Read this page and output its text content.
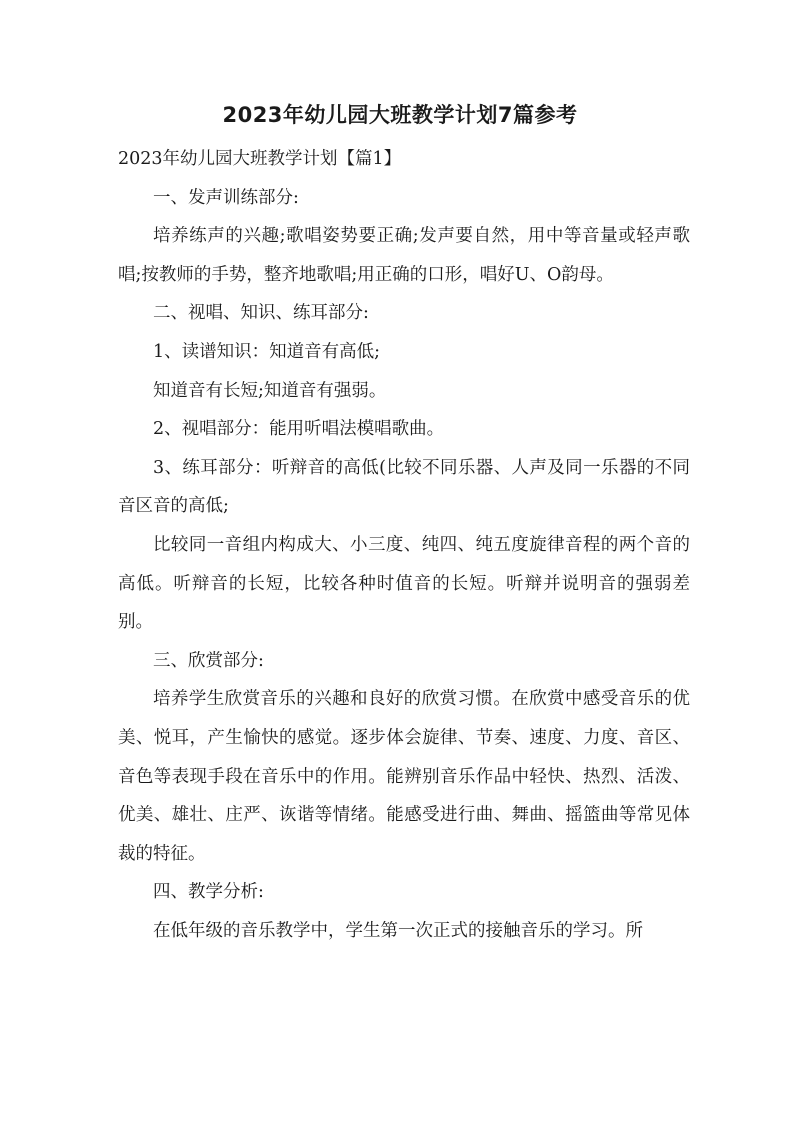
2023年幼儿园大班教学计划7篇参考

2023年幼儿园大班教学计划【篇1】

一、发声训练部分:

培养练声的兴趣;歌唱姿势要正确;发声要自然，用中等音量或轻声歌唱;按教师的手势，整齐地歌唱;用正确的口形，唱好U、O韵母。

二、视唱、知识、练耳部分:

1、读谱知识：知道音有高低;

知道音有长短;知道音有强弱。

2、视唱部分：能用听唱法模唱歌曲。

3、练耳部分：听辩音的高低(比较不同乐器、人声及同一乐器的不同音区音的高低;

比较同一音组内构成大、小三度、纯四、纯五度旋律音程的两个音的高低。听辩音的长短，比较各种时值音的长短。听辩并说明音的强弱差别。

三、欣赏部分:

培养学生欣赏音乐的兴趣和良好的欣赏习惯。在欣赏中感受音乐的优美、悦耳，产生愉快的感觉。逐步体会旋律、节奏、速度、力度、音区、音色等表现手段在音乐中的作用。能辨别音乐作品中轻快、热烈、活泼、优美、雄壮、庄严、诙谐等情绪。能感受进行曲、舞曲、摇篮曲等常见体裁的特征。

四、教学分析:

在低年级的音乐教学中，学生第一次正式的接触音乐的学习。所
